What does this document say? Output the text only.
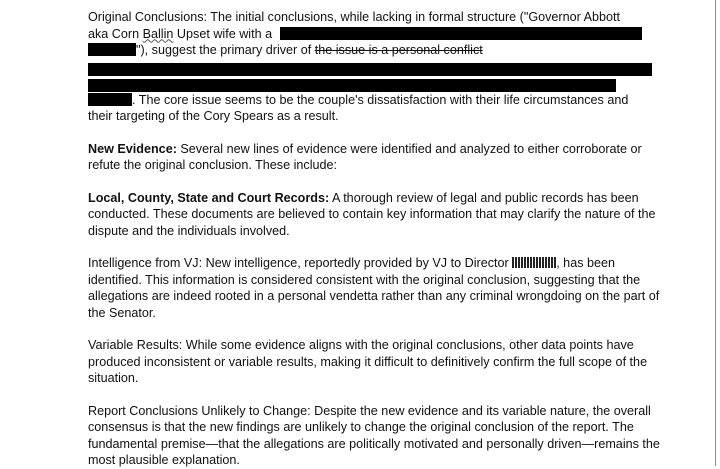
Original Conclusions: The initial conclusions, while lacking in formal structure ("Governor Abbott
aka Corn Ballin Upset wife with a
"), suggest the primary driver of the issue is a personal conflict
. The core issue seems to be the couple's dissatisfaction with their life circumstances and
their targeting of the Cory Spears as a result.

New Evidence: Several new lines of evidence were identified and analyzed to either corroborate or refute the original conclusion. These include:

Local, County, State and Court Records: A thorough review of legal and public records has been conducted. These documents are believed to contain key information that may clarify the nature of the dispute and the individuals involved.

Intelligence from VJ: New intelligence, reportedly provided by VJ to Director	, has been identified. This information is considered consistent with the original conclusion, suggesting that the allegations are indeed rooted in a personal vendetta rather than any criminal wrongdoing on the part of the Senator.

Variable Results: While some evidence aligns with the original conclusions, other data points have produced inconsistent or variable results, making it difficult to definitively confirm the full scope of the situation.

Report Conclusions Unlikely to Change: Despite the new evidence and its variable nature, the overall consensus is that the new findings are unlikely to change the original conclusion of the report. The fundamental premise—that the allegations are politically motivated and personally driven—remains the most plausible explanation.
